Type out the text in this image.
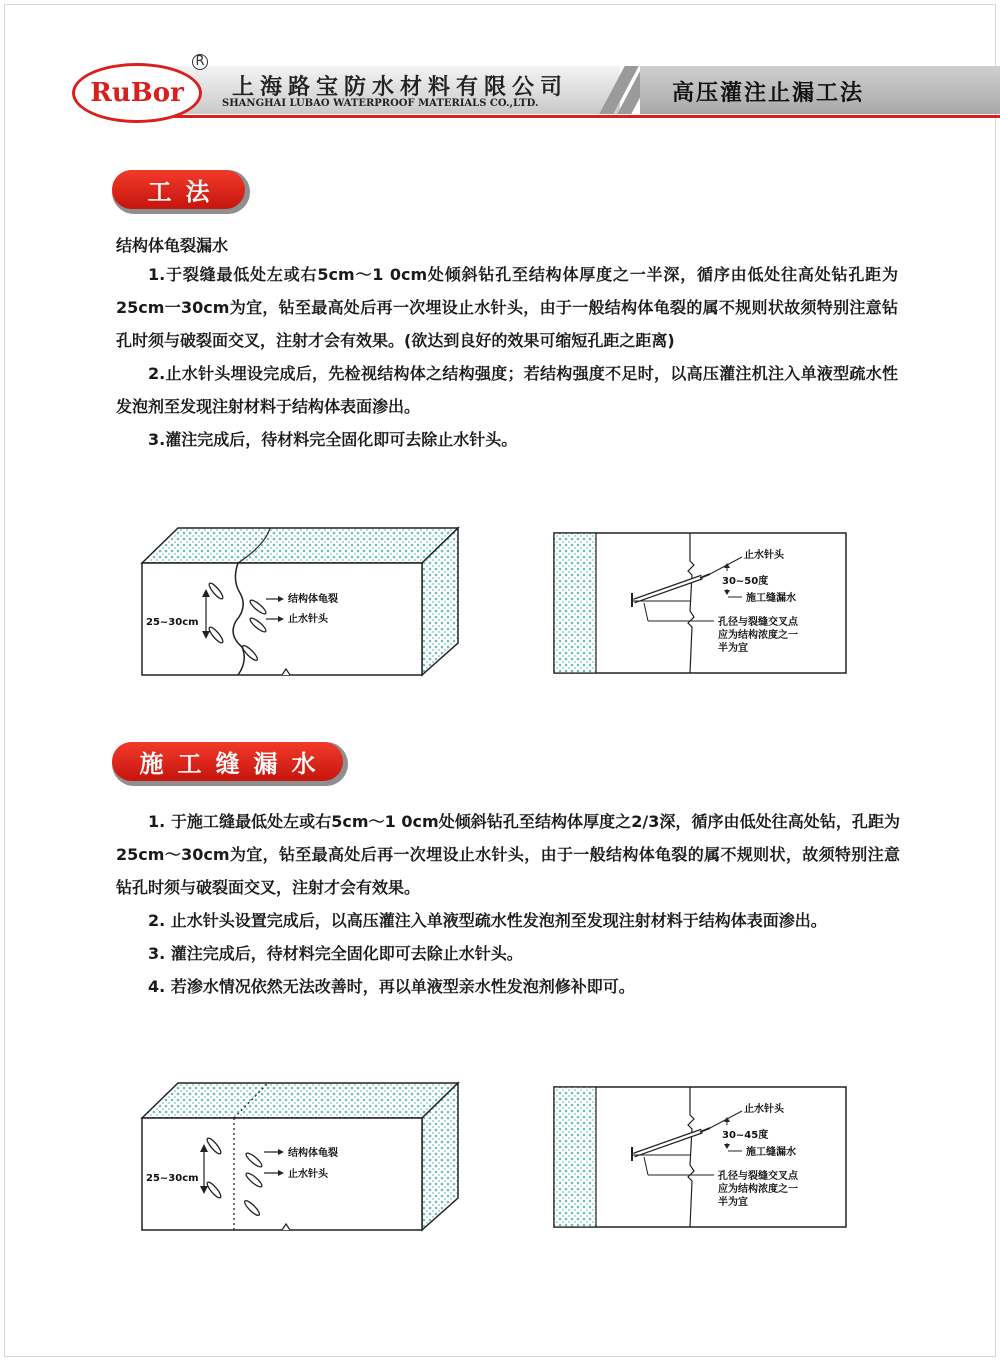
RuBor
R
上海路宝防水材料有限公司
SHANGHAI LUBAO WATERPROOF MATERIALS CO.,LTD.	高压灌注止漏工法
工法
结构体龟裂漏水

1.于裂缝最低处左或右5cm～1 0cm处倾斜钻孔至结构体厚度之一半深，循序由低处往高处钻孔距为25cm一30cm为宜，钻至最高处后再一次埋设止水针头，由于一般结构体龟裂的属不规则状故须特别注意钻孔时须与破裂面交叉，注射才会有效果。(欲达到良好的效果可缩短孔距之距离)

2.止水针头埋设完成后，先检视结构体之结构强度；若结构强度不足时，以高压灌注机注入单液型疏水性发泡剂至发现注射材料于结构体表面渗出。

3.灌注完成后，待材料完全固化即可去除止水针头。

25~30cm
结构体龟裂
止水针头
止水针头
30~50度
施工缝漏水
孔径与裂缝交叉点
应为结构浓度之一
半为宜
施工缝漏水

1. 于施工缝最低处左或右5cm～1 0cm处倾斜钻孔至结构体厚度之2/3深，循序由低处往高处钻，孔距为25cm～30cm为宜，钻至最高处后再一次埋设止水针头，由于一般结构体龟裂的属不规则状，故须特别注意钻孔时须与破裂面交叉，注射才会有效果。

2. 止水针头设置完成后，以高压灌注入单液型疏水性发泡剂至发现注射材料于结构体表面渗出。

3. 灌注完成后，待材料完全固化即可去除止水针头。

4. 若渗水情况依然无法改善时，再以单液型亲水性发泡剂修补即可。

25~30cm
结构体龟裂
止水针头
止水针头
30~45度
施工缝漏水
孔径与裂缝交叉点
应为结构浓度之一
半为宜
